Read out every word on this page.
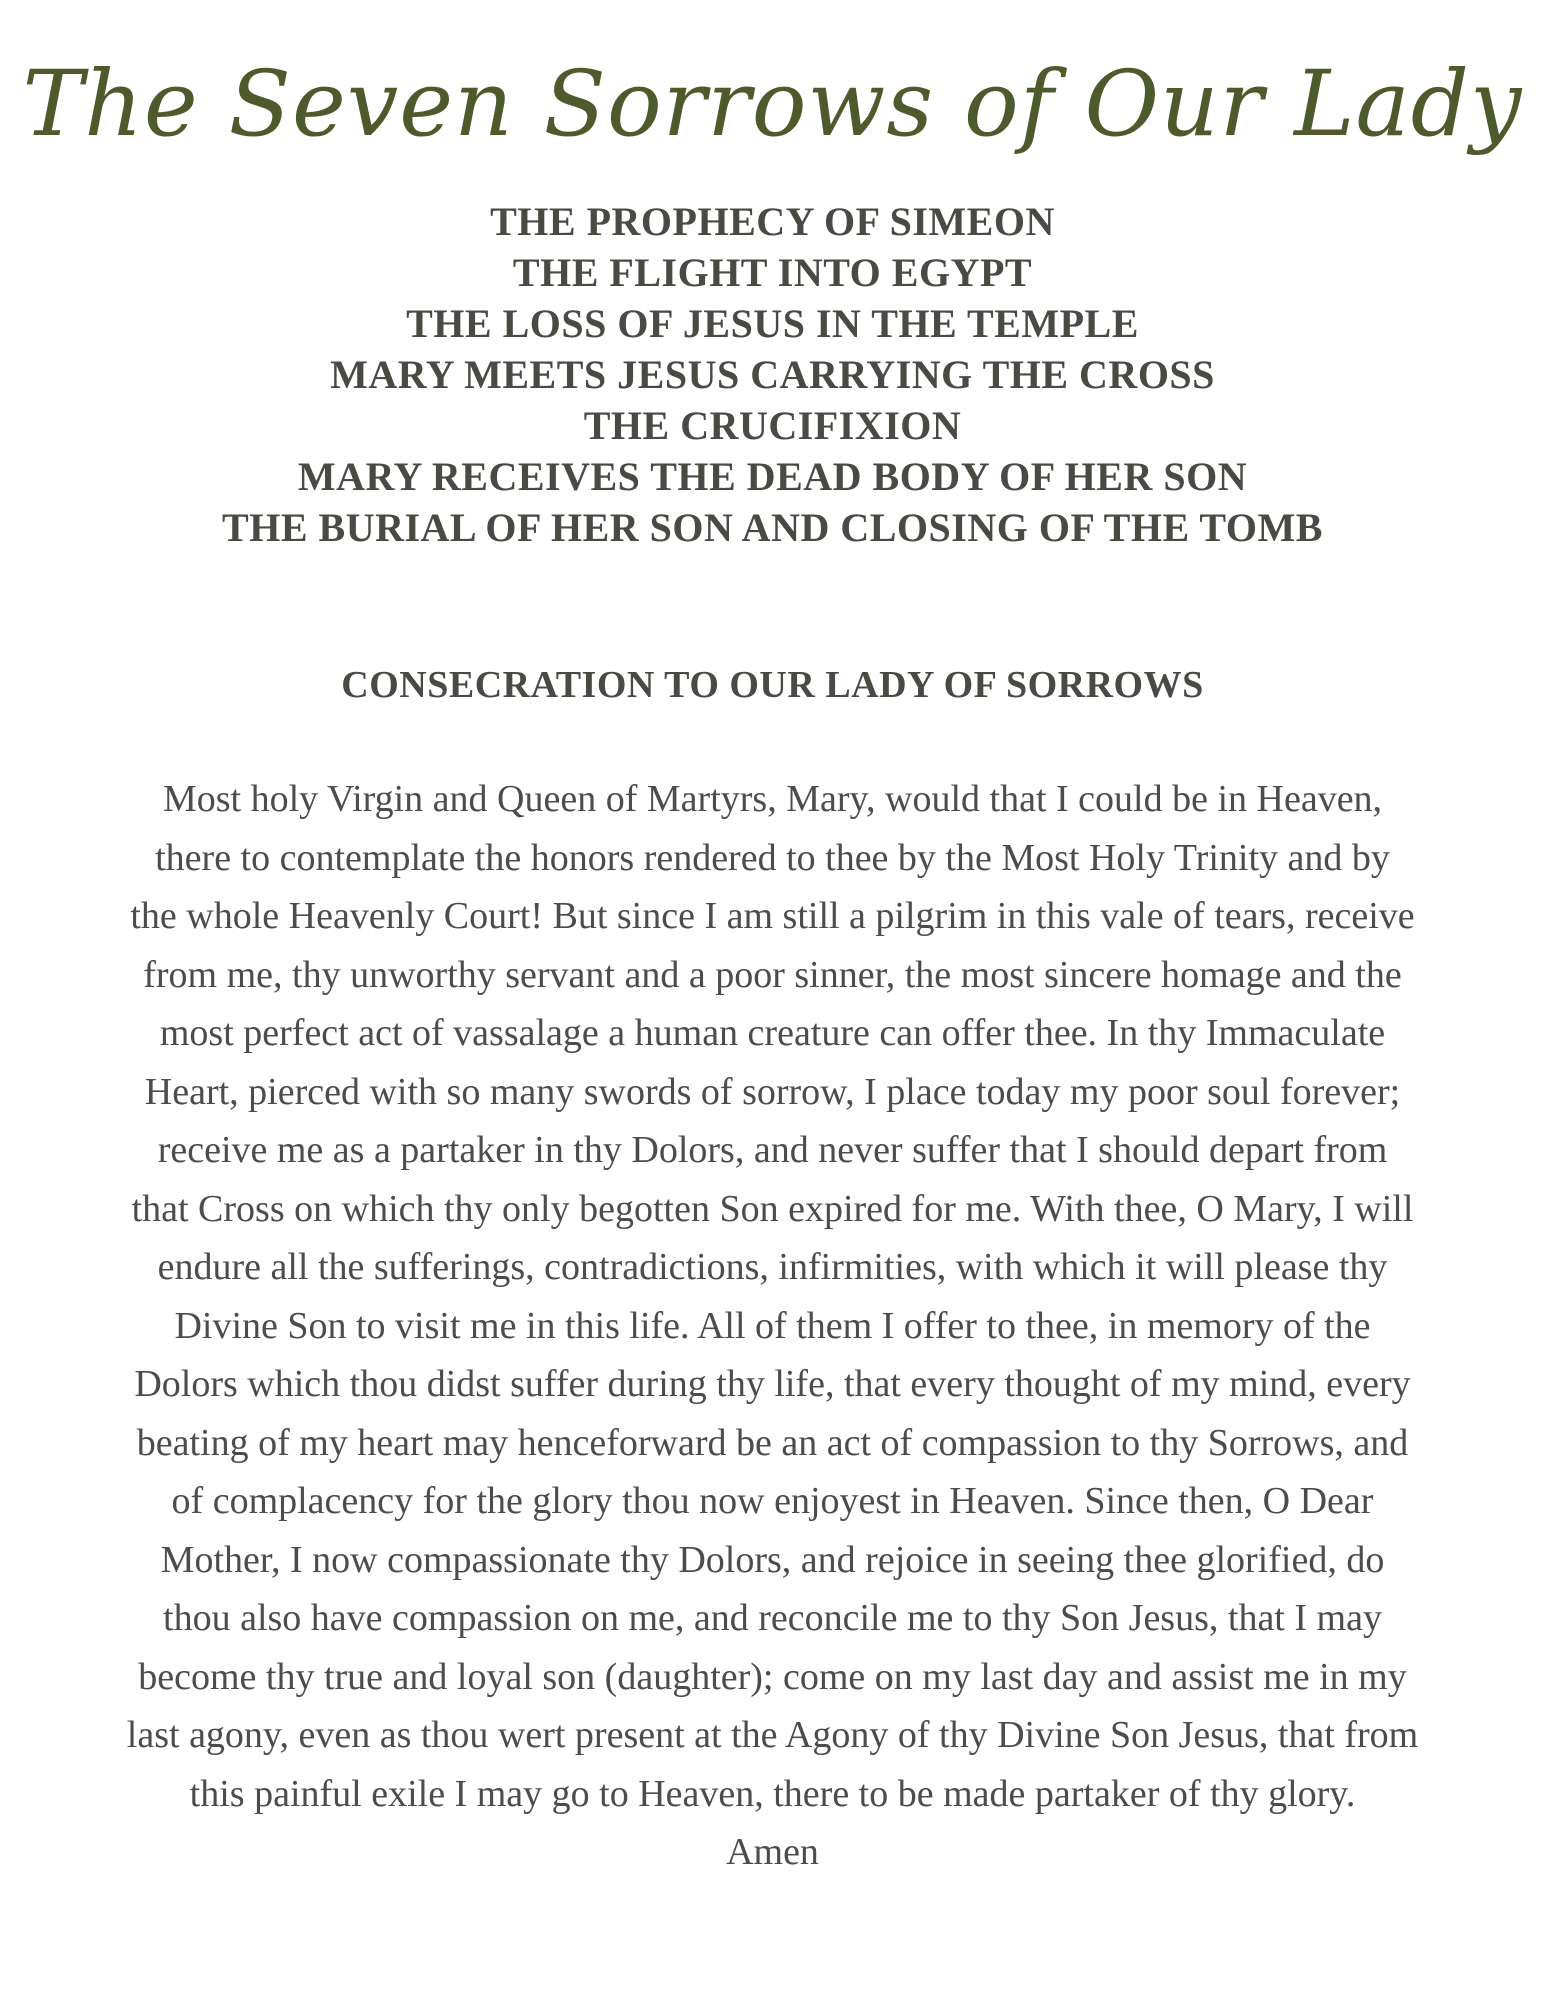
The Seven Sorrows of Our Lady
THE PROPHECY OF SIMEON
THE FLIGHT INTO EGYPT
THE LOSS OF JESUS IN THE TEMPLE
MARY MEETS JESUS CARRYING THE CROSS
THE CRUCIFIXION
MARY RECEIVES THE DEAD BODY OF HER SON
THE BURIAL OF HER SON AND CLOSING OF THE TOMB
CONSECRATION TO OUR LADY OF SORROWS
Most holy Virgin and Queen of Martyrs, Mary, would that I could be in Heaven,
there to contemplate the honors rendered to thee by the Most Holy Trinity and by
the whole Heavenly Court! But since I am still a pilgrim in this vale of tears, receive
from me, thy unworthy servant and a poor sinner, the most sincere homage and the
most perfect act of vassalage a human creature can offer thee. In thy Immaculate
Heart, pierced with so many swords of sorrow, I place today my poor soul forever;
receive me as a partaker in thy Dolors, and never suffer that I should depart from
that Cross on which thy only begotten Son expired for me. With thee, O Mary, I will
endure all the sufferings, contradictions, infirmities, with which it will please thy
Divine Son to visit me in this life. All of them I offer to thee, in memory of the
Dolors which thou didst suffer during thy life, that every thought of my mind, every
beating of my heart may henceforward be an act of compassion to thy Sorrows, and
of complacency for the glory thou now enjoyest in Heaven. Since then, O Dear
Mother, I now compassionate thy Dolors, and rejoice in seeing thee glorified, do
thou also have compassion on me, and reconcile me to thy Son Jesus, that I may
become thy true and loyal son (daughter); come on my last day and assist me in my
last agony, even as thou wert present at the Agony of thy Divine Son Jesus, that from
this painful exile I may go to Heaven, there to be made partaker of thy glory.
Amen
